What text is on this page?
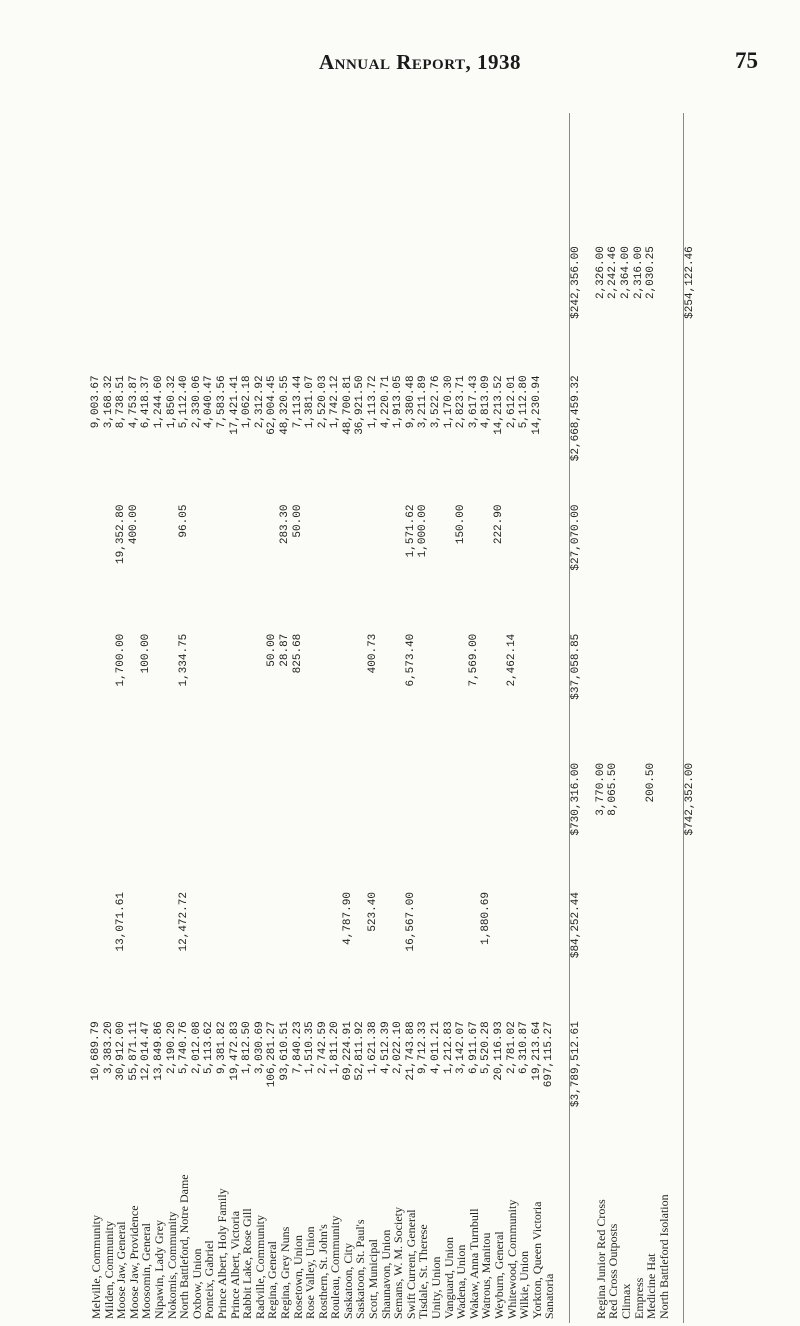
Annual Report, 1938	75
Melville, Community	10,689.79					9,003.67		
Milden, Community	3,383.20					3,168.32		
Moose Jaw, General	30,912.00	13,071.61		1,700.00	19,352.80	8,738.51		
Moose Jaw, Providence	55,871.11				400.00	4,753.87		
Moosomin, General	12,014.47			100.00		6,418.37		
Nipawin, Lady Grey	13,849.86					1,244.60		
Nokomis, Community	2,190.20					1,850.32		
North Battleford, Notre Dame	5,740.76	12,472.72		1,334.75	96.05	5,112.40		
Oxbow, Union	2,012.08					2,330.06		
Ponteix, Gabriel	5,113.62					4,040.47		
Prince Albert, Holy Family	9,381.82					7,583.56		
Prince Albert, Victoria	19,472.83					17,421.41		
Rabbit Lake, Rose Gill	1,812.50					1,062.18		
Radville, Community	3,030.69					2,312.92		
Regina, General	106,281.27			50.00		62,004.45		
Regina, Grey Nuns	93,610.51			28.87	283.30	48,320.55		
Rosetown, Union	7,840.23			825.68	50.00	7,113.44		
Rose Valley, Union	1,510.35					1,381.07		
Rosthern, St. John's	2,742.59					2,520.03		
Rouleau, Community	1,811.20					1,742.12		
Saskatoon, City	69,224.91	4,787.90				48,700.81		
Saskatoon, St. Paul's	52,811.92					36,921.50		
Scott, Municipal	1,621.38	523.40		400.73		1,113.72		
Shaunavon, Union	4,512.39					4,220.71		
Semans, W. M. Society	2,022.10					1,913.05		
Swift Current, General	21,743.88	16,567.00		6,573.40	1,571.62	9,380.48		
Tisdale, St. Therese	9,712.33				1,000.00	3,211.89		
Unity, Union	4,011.21					3,522.76		
Vanguard, Union	1,212.83					1,170.30		
Wadena, Union	3,142.07				150.00	2,823.71		
Wakaw, Anna Turnbull	6,911.67			7,569.00		3,617.43		
Watrous, Manitou	5,520.28	1,880.69				4,813.09		
Weyburn, General	20,116.93				222.90	14,213.52		
Whitewood, Community	2,781.02			2,462.14		2,612.01		
Wilkie, Union	6,310.87					5,112.80		
Yorkton, Queen Victoria	19,213.64					14,230.94		
Sanatoria	697,115.27							

	$3,789,512.61	$84,252.44	$730,316.00	$37,058.85	$27,070.00	$2,668,459.32	$242,356.00	

Regina Junior Red Cross			3,770.00				2,326.00	
Red Cross Outposts			8,065.50				2,242.46	
Climax							2,364.00	
Empress							2,316.00	
Medicine Hat			200.50				2,030.25	
North Battleford Isolation								

			$742,352.00				$254,122.46	
